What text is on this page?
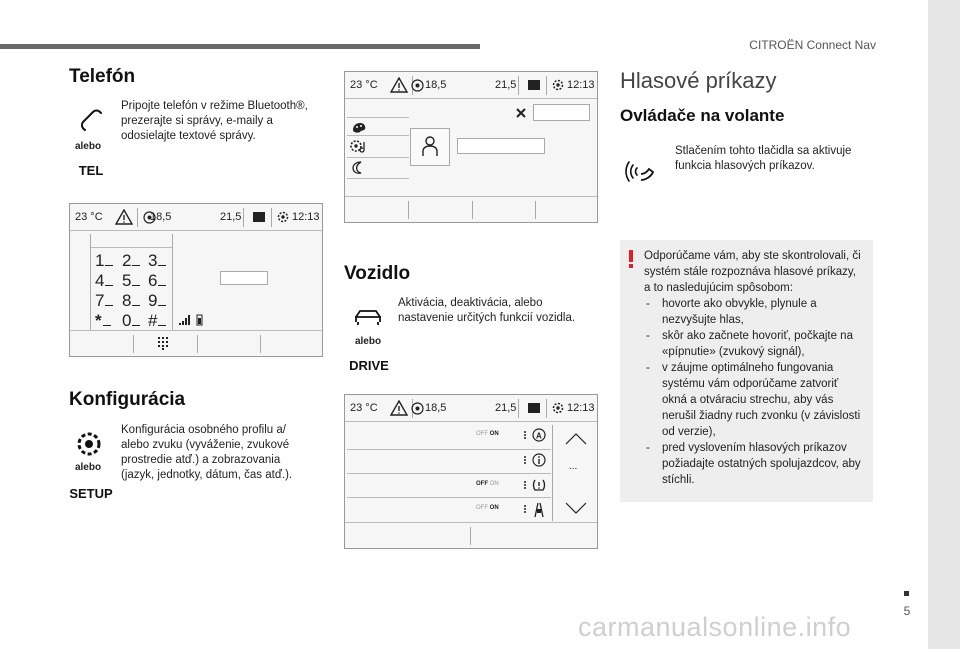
CITROËN Connect Nav
5
carmanualsonline.info
Telefón
alebo
TEL
Pripojte telefón v režime Bluetooth®,
prezerajte si správy, e-maily a
odosielajte textové správy.
23 °C	18,5	21,5	12:13
1	2 3
4	5 6
7	8 9
*	0 #
Konfigurácia
alebo
SETUP
Konfigurácia osobného profilu a/
alebo zvuku (vyváženie, zvukové
prostredie atď.) a zobrazovania
(jazyk, jednotky, dátum, čas atď.).
23 °C	18,5	21,5	12:13
Vozidlo
alebo
DRIVE
Aktivácia, deaktivácia, alebo
nastavenie určitých funkcií vozidla.
23 °C	18,5	21,5	12:13
OFF ON
OFF ON
OFF ON
A
...
Hlasové príkazy
Ovládače na volante
Stlačením tohto tlačidla sa aktivuje
funkcia hlasových príkazov.
Odporúčame vám, aby ste skontrolovali, či
systém stále rozpoznáva hlasové príkazy,
a to nasledujúcim spôsobom:
- hovorte ako obvykle, plynule a
nezvyšujte hlas,
- skôr ako začnete hovoriť, počkajte na
«pípnutie» (zvukový signál),
- v záujme optimálneho fungovania
systému vám odporúčame zatvoriť
okná a otváraciu strechu, aby vás
nerušil žiadny ruch zvonku (v závislosti
od verzie),
- pred vyslovením hlasových príkazov
požiadajte ostatných spolujazdcov, aby
stíchli.
